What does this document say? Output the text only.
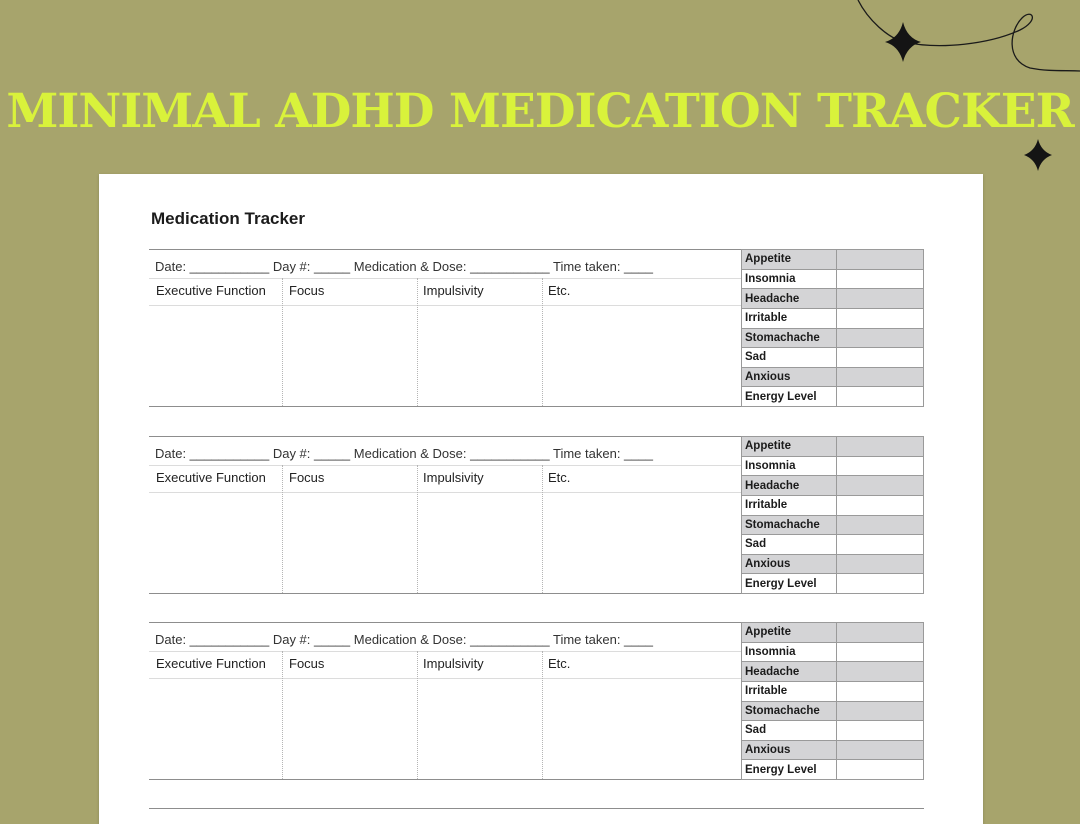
MINIMAL ADHD MEDICATION TRACKER
Medication Tracker
Date: ___________ Day #: _____ Medication & Dose: ___________ Time taken: ____
Executive Function Focus	Impulsivity	Etc.
Appetite
Insomnia
Headache
Irritable
Stomachache
Sad
Anxious
Energy Level
Date: ___________ Day #: _____ Medication & Dose: ___________ Time taken: ____
Executive Function Focus	Impulsivity	Etc.
Appetite
Insomnia
Headache
Irritable
Stomachache
Sad
Anxious
Energy Level
Date: ___________ Day #: _____ Medication & Dose: ___________ Time taken: ____
Executive Function Focus	Impulsivity	Etc.
Appetite
Insomnia
Headache
Irritable
Stomachache
Sad
Anxious
Energy Level
